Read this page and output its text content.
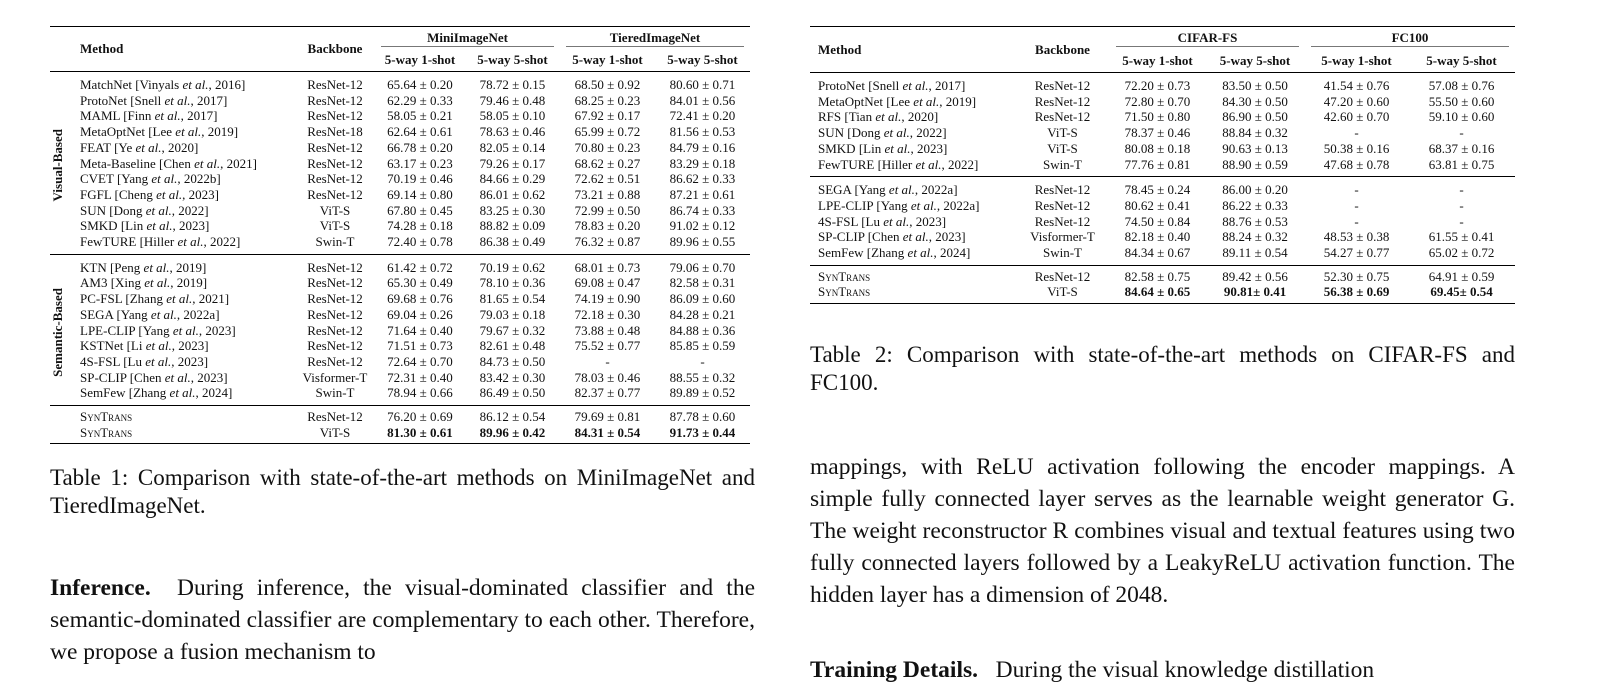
	Method	Backbone	MiniImageNet		TieredImageNet	

			5-way 1-shot	5-way 5-shot	5-way 1-shot	5-way 5-shot

Visual-Based	MatchNet [Vinyals et al., 2016]	ResNet-12	65.64 ± 0.20	78.72 ± 0.15	68.50 ± 0.92	80.60 ± 0.71
	ProtoNet [Snell et al., 2017]	ResNet-12	62.29 ± 0.33	79.46 ± 0.48	68.25 ± 0.23	84.01 ± 0.56
	MAML [Finn et al., 2017]	ResNet-12	58.05 ± 0.21	58.05 ± 0.10	67.92 ± 0.17	72.41 ± 0.20
	MetaOptNet [Lee et al., 2019]	ResNet-18	62.64 ± 0.61	78.63 ± 0.46	65.99 ± 0.72	81.56 ± 0.53
	FEAT [Ye et al., 2020]	ResNet-12	66.78 ± 0.20	82.05 ± 0.14	70.80 ± 0.23	84.79 ± 0.16
	Meta-Baseline [Chen et al., 2021]	ResNet-12	63.17 ± 0.23	79.26 ± 0.17	68.62 ± 0.27	83.29 ± 0.18
	CVET [Yang et al., 2022b]	ResNet-12	70.19 ± 0.46	84.66 ± 0.29	72.62 ± 0.51	86.62 ± 0.33
	FGFL [Cheng et al., 2023]	ResNet-12	69.14 ± 0.80	86.01 ± 0.62	73.21 ± 0.88	87.21 ± 0.61
	SUN [Dong et al., 2022]	ViT-S	67.80 ± 0.45	83.25 ± 0.30	72.99 ± 0.50	86.74 ± 0.33
	SMKD [Lin et al., 2023]	ViT-S	74.28 ± 0.18	88.82 ± 0.09	78.83 ± 0.20	91.02 ± 0.12
	FewTURE [Hiller et al., 2022]	Swin-T	72.40 ± 0.78	86.38 ± 0.49	76.32 ± 0.87	89.96 ± 0.55

Semantic-Based	KTN [Peng et al., 2019]	ResNet-12	61.42 ± 0.72	70.19 ± 0.62	68.01 ± 0.73	79.06 ± 0.70
	AM3 [Xing et al., 2019]	ResNet-12	65.30 ± 0.49	78.10 ± 0.36	69.08 ± 0.47	82.58 ± 0.31
	PC-FSL [Zhang et al., 2021]	ResNet-12	69.68 ± 0.76	81.65 ± 0.54	74.19 ± 0.90	86.09 ± 0.60
	SEGA [Yang et al., 2022a]	ResNet-12	69.04 ± 0.26	79.03 ± 0.18	72.18 ± 0.30	84.28 ± 0.21
	LPE-CLIP [Yang et al., 2023]	ResNet-12	71.64 ± 0.40	79.67 ± 0.32	73.88 ± 0.48	84.88 ± 0.36
	KSTNet [Li et al., 2023]	ResNet-12	71.51 ± 0.73	82.61 ± 0.48	75.52 ± 0.77	85.85 ± 0.59
	4S-FSL [Lu et al., 2023]	ResNet-12	72.64 ± 0.70	84.73 ± 0.50	-	-
	SP-CLIP [Chen et al., 2023]	Visformer-T	72.31 ± 0.40	83.42 ± 0.30	78.03 ± 0.46	88.55 ± 0.32
	SemFew [Zhang et al., 2024]	Swin-T	78.94 ± 0.66	86.49 ± 0.50	82.37 ± 0.77	89.89 ± 0.52
	SynTrans	ResNet-12	76.20 ± 0.69	86.12 ± 0.54	79.69 ± 0.81	87.78 ± 0.60
	SynTrans	ViT-S	81.30 ± 0.61	89.96 ± 0.42	84.31 ± 0.54	91.73 ± 0.44
Table 1: Comparison with state-of-the-art methods on MiniImageNet and TieredImageNet.
Method	Backbone	CIFAR-FS		FC100	

		5-way 1-shot	5-way 5-shot	5-way 1-shot	5-way 5-shot
ProtoNet [Snell et al., 2017]	ResNet-12	72.20 ± 0.73	83.50 ± 0.50	41.54 ± 0.76	57.08 ± 0.76
MetaOptNet [Lee et al., 2019]	ResNet-12	72.80 ± 0.70	84.30 ± 0.50	47.20 ± 0.60	55.50 ± 0.60
RFS [Tian et al., 2020]	ResNet-12	71.50 ± 0.80	86.90 ± 0.50	42.60 ± 0.70	59.10 ± 0.60
SUN [Dong et al., 2022]	ViT-S	78.37 ± 0.46	88.84 ± 0.32	-	-
SMKD [Lin et al., 2023]	ViT-S	80.08 ± 0.18	90.63 ± 0.13	50.38 ± 0.16	68.37 ± 0.16
FewTURE [Hiller et al., 2022]	Swin-T	77.76 ± 0.81	88.90 ± 0.59	47.68 ± 0.78	63.81 ± 0.75
SEGA [Yang et al., 2022a]	ResNet-12	78.45 ± 0.24	86.00 ± 0.20	-	-
LPE-CLIP [Yang et al., 2022a]	ResNet-12	80.62 ± 0.41	86.22 ± 0.33	-	-
4S-FSL [Lu et al., 2023]	ResNet-12	74.50 ± 0.84	88.76 ± 0.53	-	-
SP-CLIP [Chen et al., 2023]	Visformer-T	82.18 ± 0.40	88.24 ± 0.32	48.53 ± 0.38	61.55 ± 0.41
SemFew [Zhang et al., 2024]	Swin-T	84.34 ± 0.67	89.11 ± 0.54	54.27 ± 0.77	65.02 ± 0.72
SynTrans	ResNet-12	82.58 ± 0.75	89.42 ± 0.56	52.30 ± 0.75	64.91 ± 0.59
SynTrans	ViT-S	84.64 ± 0.65	90.81± 0.41	56.38 ± 0.69	69.45± 0.54
Table 2: Comparison with state-of-the-art methods on CIFAR-FS and FC100.
Inference. During inference, the visual-dominated classifier and the semantic-dominated classifier are complementary to each other. Therefore, we propose a fusion mechanism to
mappings, with ReLU activation following the encoder mappings. A simple fully connected layer serves as the learnable weight generator G. The weight reconstructor R combines visual and textual features using two fully connected layers followed by a LeakyReLU activation function. The hidden layer has a dimension of 2048.
Training Details. During the visual knowledge distillation
